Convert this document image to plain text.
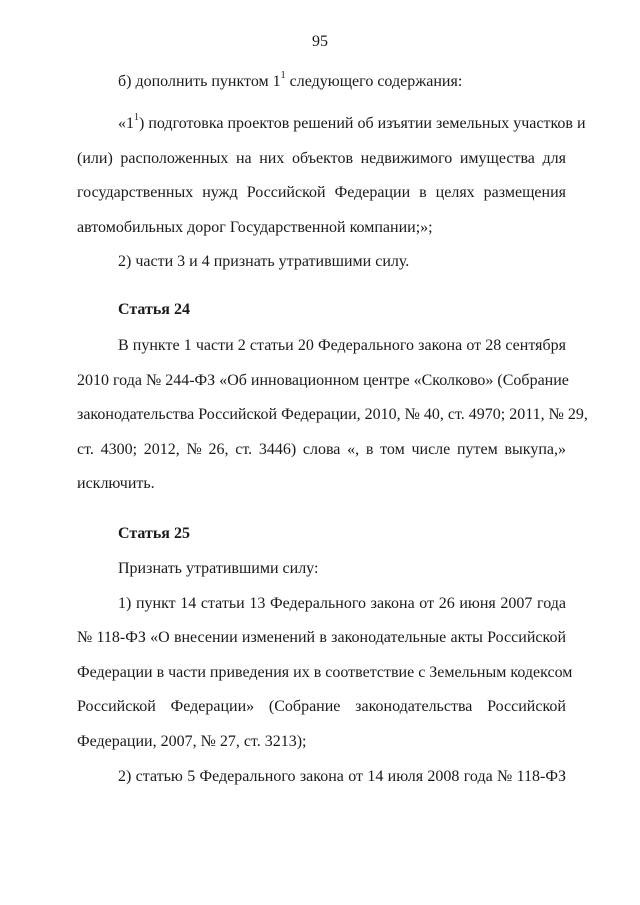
95
б) дополнить пунктом $1^1$ следующего содержания:
«$1^1$) подготовка проектов решений об изъятии земельных участков и
(или) расположенных на них объектов недвижимого имущества для
государственных нужд Российской Федерации в целях размещения
автомобильных дорог Государственной компании;»;
2) части 3 и 4 признать утратившими силу.
Статья 24
В пункте 1 части 2 статьи 20 Федерального закона от 28 сентября
2010 года № 244-ФЗ «Об инновационном центре «Сколково» (Собрание
законодательства Российской Федерации, 2010, № 40, ст. 4970; 2011, № 29,
ст. 4300; 2012, № 26, ст. 3446) слова «, в том числе путем выкупа,»
исключить.
Статья 25
Признать утратившими силу:
1) пункт 14 статьи 13 Федерального закона от 26 июня 2007 года
№ 118-ФЗ «О внесении изменений в законодательные акты Российской
Федерации в части приведения их в соответствие с Земельным кодексом
Российской Федерации» (Собрание законодательства Российской
Федерации, 2007, № 27, ст. 3213);
2) статью 5 Федерального закона от 14 июля 2008 года № 118-ФЗ
